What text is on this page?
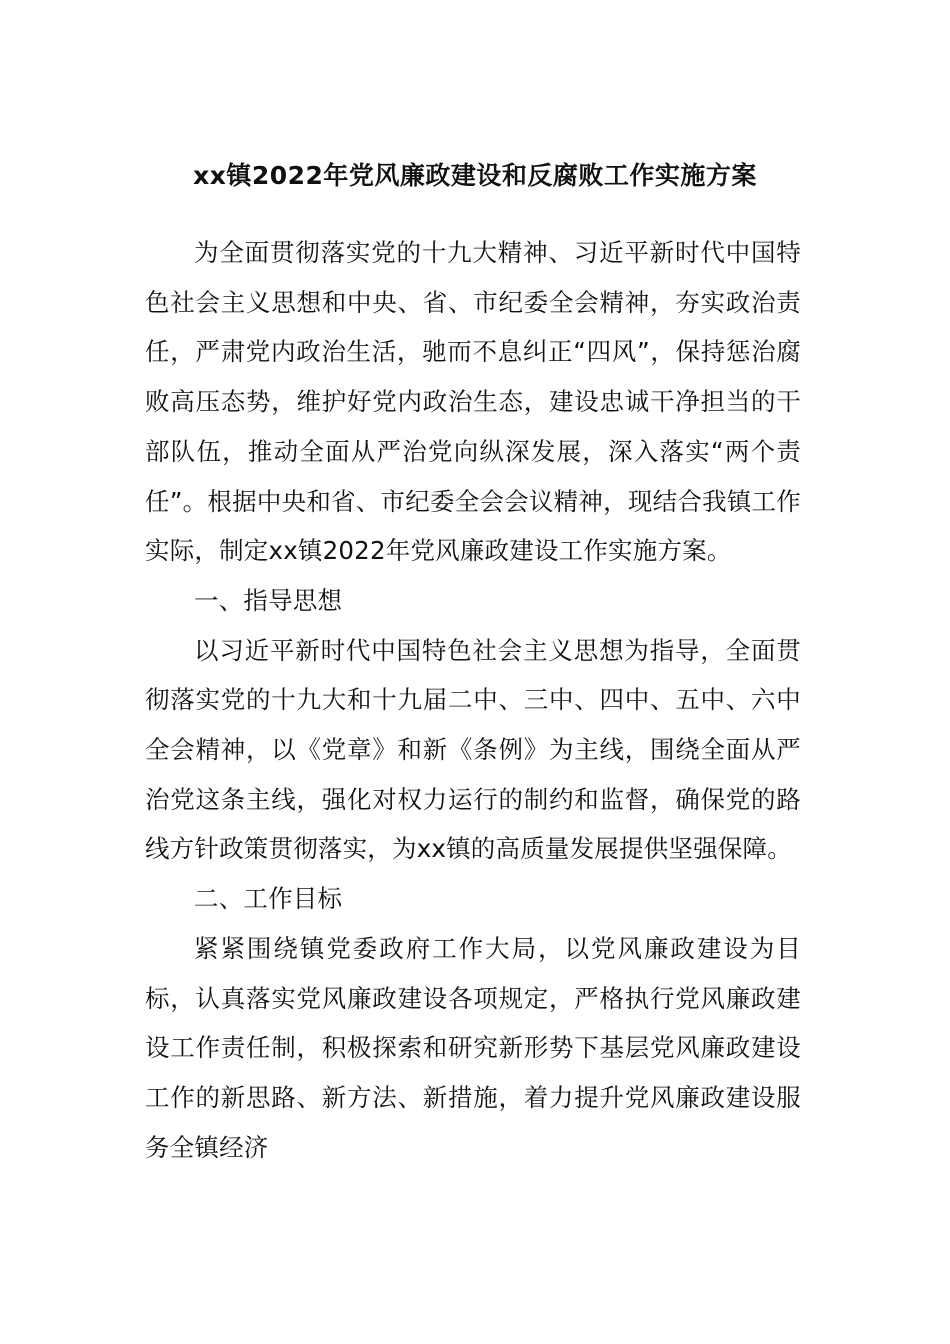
xx镇2022年党风廉政建设和反腐败工作实施方案

为全面贯彻落实党的十九大精神、习近平新时代中国特色社会主义思想和中央、省、市纪委全会精神，夯实政治责任，严肃党内政治生活，驰而不息纠正“四风”，保持惩治腐败高压态势，维护好党内政治生态，建设忠诚干净担当的干部队伍，推动全面从严治党向纵深发展，深入落实“两个责任”。根据中央和省、市纪委全会会议精神，现结合我镇工作实际，制定xx镇2022年党风廉政建设工作实施方案。

一、指导思想

以习近平新时代中国特色社会主义思想为指导，全面贯彻落实党的十九大和十九届二中、三中、四中、五中、六中全会精神，以《党章》和新《条例》为主线，围绕全面从严治党这条主线，强化对权力运行的制约和监督，确保党的路线方针政策贯彻落实，为xx镇的高质量发展提供坚强保障。

二、工作目标

紧紧围绕镇党委政府工作大局，以党风廉政建设为目标，认真落实党风廉政建设各项规定，严格执行党风廉政建设工作责任制，积极探索和研究新形势下基层党风廉政建设工作的新思路、新方法、新措施，着力提升党风廉政建设服务全镇经济
